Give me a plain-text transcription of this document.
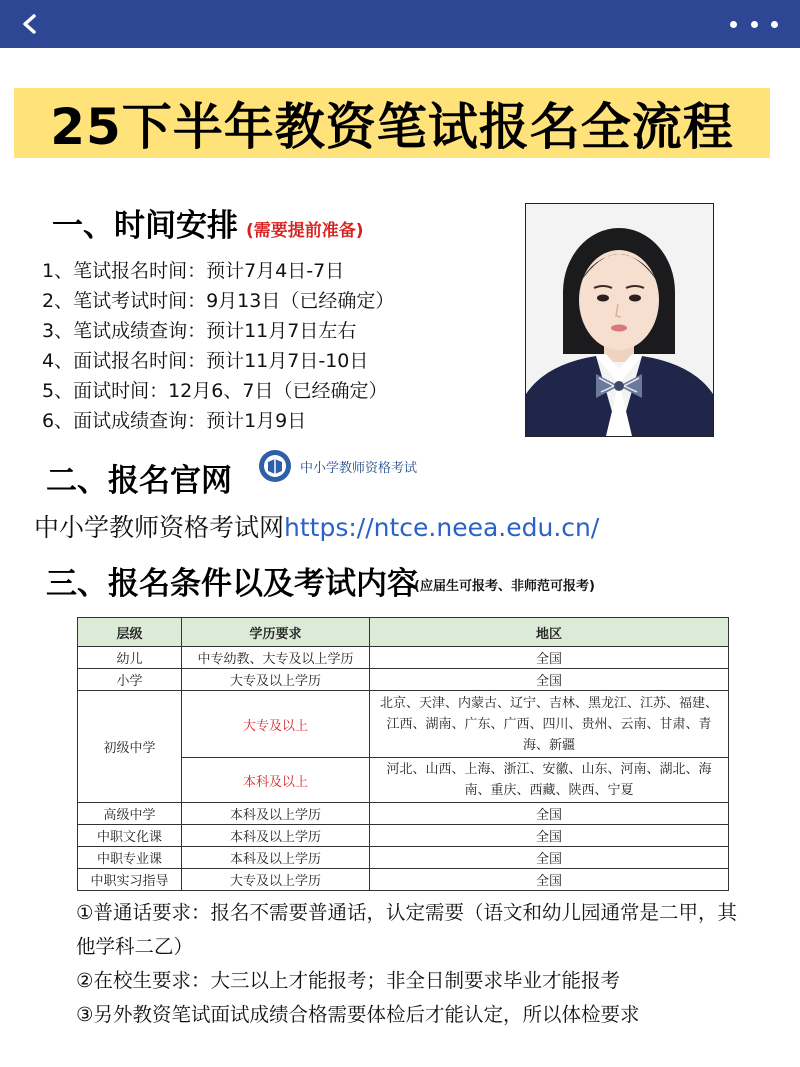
25下半年教资笔试报名全流程
一、时间安排 (需要提前准备)
1、笔试报名时间：预计7月4日-7日
2、笔试考试时间：9月13日（已经确定）
3、笔试成绩查询：预计11月7日左右
4、面试报名时间：预计11月7日-10日
5、面试时间：12月6、7日（已经确定）
6、面试成绩查询：预计1月9日
二、报名官网	中小学教师资格考试
中小学教师资格考试网https://ntce.neea.edu.cn/
三、报名条件以及考试内容
(应届生可报考、非师范可报考)
层级	学历要求	地区
幼儿	中专幼教、大专及以上学历	全国
小学	大专及以上学历	全国
初级中学	大专及以上	北京、天津、内蒙古、辽宁、吉林、黑龙江、江苏、福建、江西、湖南、广东、广西、四川、贵州、云南、甘肃、青海、新疆
	本科及以上	河北、山西、上海、浙江、安徽、山东、河南、湖北、海南、重庆、西藏、陕西、宁夏
高级中学	本科及以上学历	全国
中职文化课	本科及以上学历	全国
中职专业课	本科及以上学历	全国
中职实习指导	大专及以上学历	全国
①普通话要求：报名不需要普通话，认定需要（语文和幼儿园通常是二甲，其他学科二乙）
②在校生要求：大三以上才能报考；非全日制要求毕业才能报考
③另外教资笔试面试成绩合格需要体检后才能认定，所以体检要求
